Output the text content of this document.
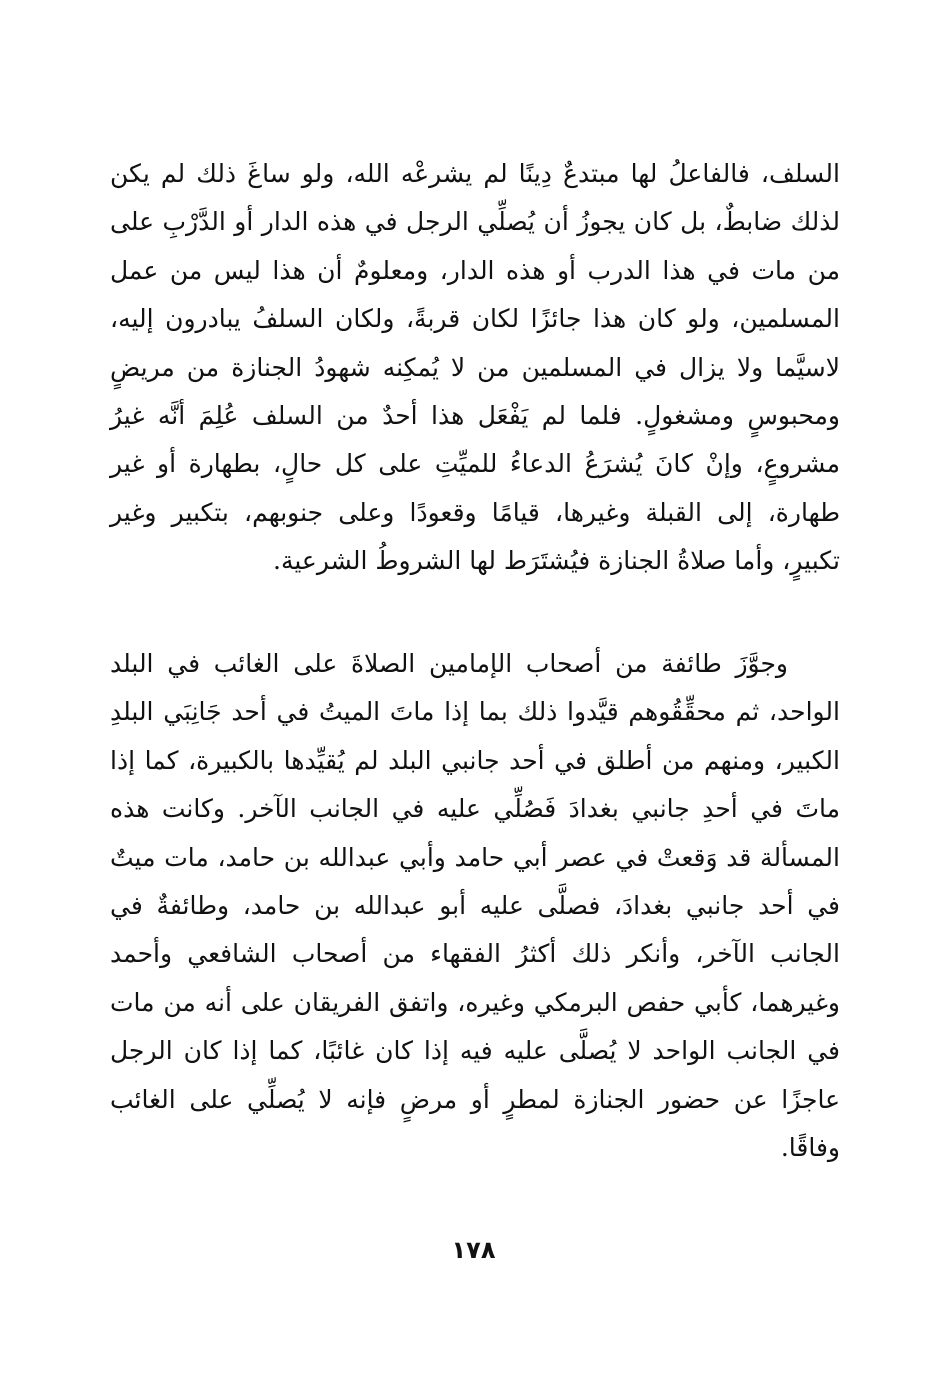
السلف، فالفاعلُ لها مبتدعٌ دِينًا لم يشرعْه الله، ولو ساغَ ذلك لم يكن لذلك ضابطٌ، بل كان يجوزُ أن يُصلِّي الرجل في هذه الدار أو الدَّرْبِ على من مات في هذا الدرب أو هذه الدار، ومعلومٌ أن هذا ليس من عمل المسلمين، ولو كان هذا جائزًا لكان قربةً، ولكان السلفُ يبادرون إليه، لاسيَّما ولا يزال في المسلمين من لا يُمكِنه شهودُ الجنازة من مريضٍ ومحبوسٍ ومشغولٍ. فلما لم يَفْعَل هذا أحدٌ من السلف عُلِمَ أنَّه غيرُ مشروعٍ، وإنْ كانَ يُشرَعُ الدعاءُ للميِّتِ على كل حالٍ، بطهارة أو غير طهارة، إلى القبلة وغيرها، قيامًا وقعودًا وعلى جنوبهم، بتكبير وغير تكبيرٍ، وأما صلاةُ الجنازة فيُشتَرَط لها الشروطُ الشرعية.

وجوَّزَ طائفة من أصحاب الإمامين الصلاةَ على الغائب في البلد الواحد، ثم محقِّقُوهم قيَّدوا ذلك بما إذا ماتَ الميتُ في أحد جَانِبَي البلدِ الكبير، ومنهم من أطلق في أحد جانبي البلد لم يُقيِّدها بالكبيرة، كما إذا ماتَ في أحدِ جانبي بغدادَ فَصُلِّي عليه في الجانب الآخر. وكانت هذه المسألة قد وَقعتْ في عصر أبي حامد وأبي عبدالله بن حامد، مات ميتٌ في أحد جانبي بغدادَ، فصلَّى عليه أبو عبدالله بن حامد، وطائفةٌ في الجانب الآخر، وأنكر ذلك أكثرُ الفقهاء من أصحاب الشافعي وأحمد وغيرهما، كأبي حفص البرمكي وغيره، واتفق الفريقان على أنه من مات في الجانب الواحد لا يُصلَّى عليه فيه إذا كان غائبًا، كما إذا كان الرجل عاجزًا عن حضور الجنازة لمطرٍ أو مرضٍ فإنه لا يُصلِّي على الغائب وفاقًا.

١٧٨
